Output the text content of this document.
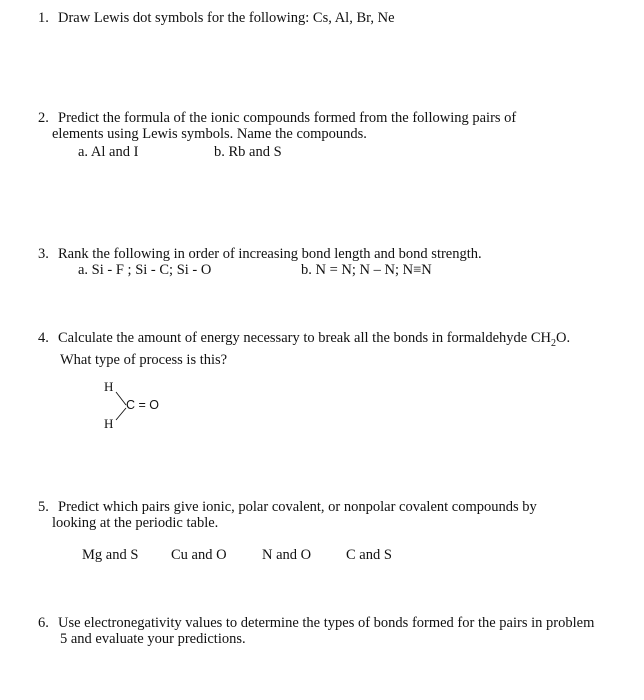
1. Draw Lewis dot symbols for the following: Cs, Al, Br, Ne
2. Predict the formula of the ionic compounds formed from the following pairs of
elements using Lewis symbols. Name the compounds.
a. Al and I	b. Rb and S
3. Rank the following in order of increasing bond length and bond strength.
a. Si - F ; Si - C; Si - O	b. N = N; N – N; N≡N
4. Calculate the amount of energy necessary to break all the bonds in formaldehyde $CH_2O$.
What type of process is this?
H
H
C = O
5. Predict which pairs give ionic, polar covalent, or nonpolar covalent compounds by
looking at the periodic table.
Mg and S Cu and O N and O C and S
6. Use electronegativity values to determine the types of bonds formed for the pairs in problem
5 and evaluate your predictions.
